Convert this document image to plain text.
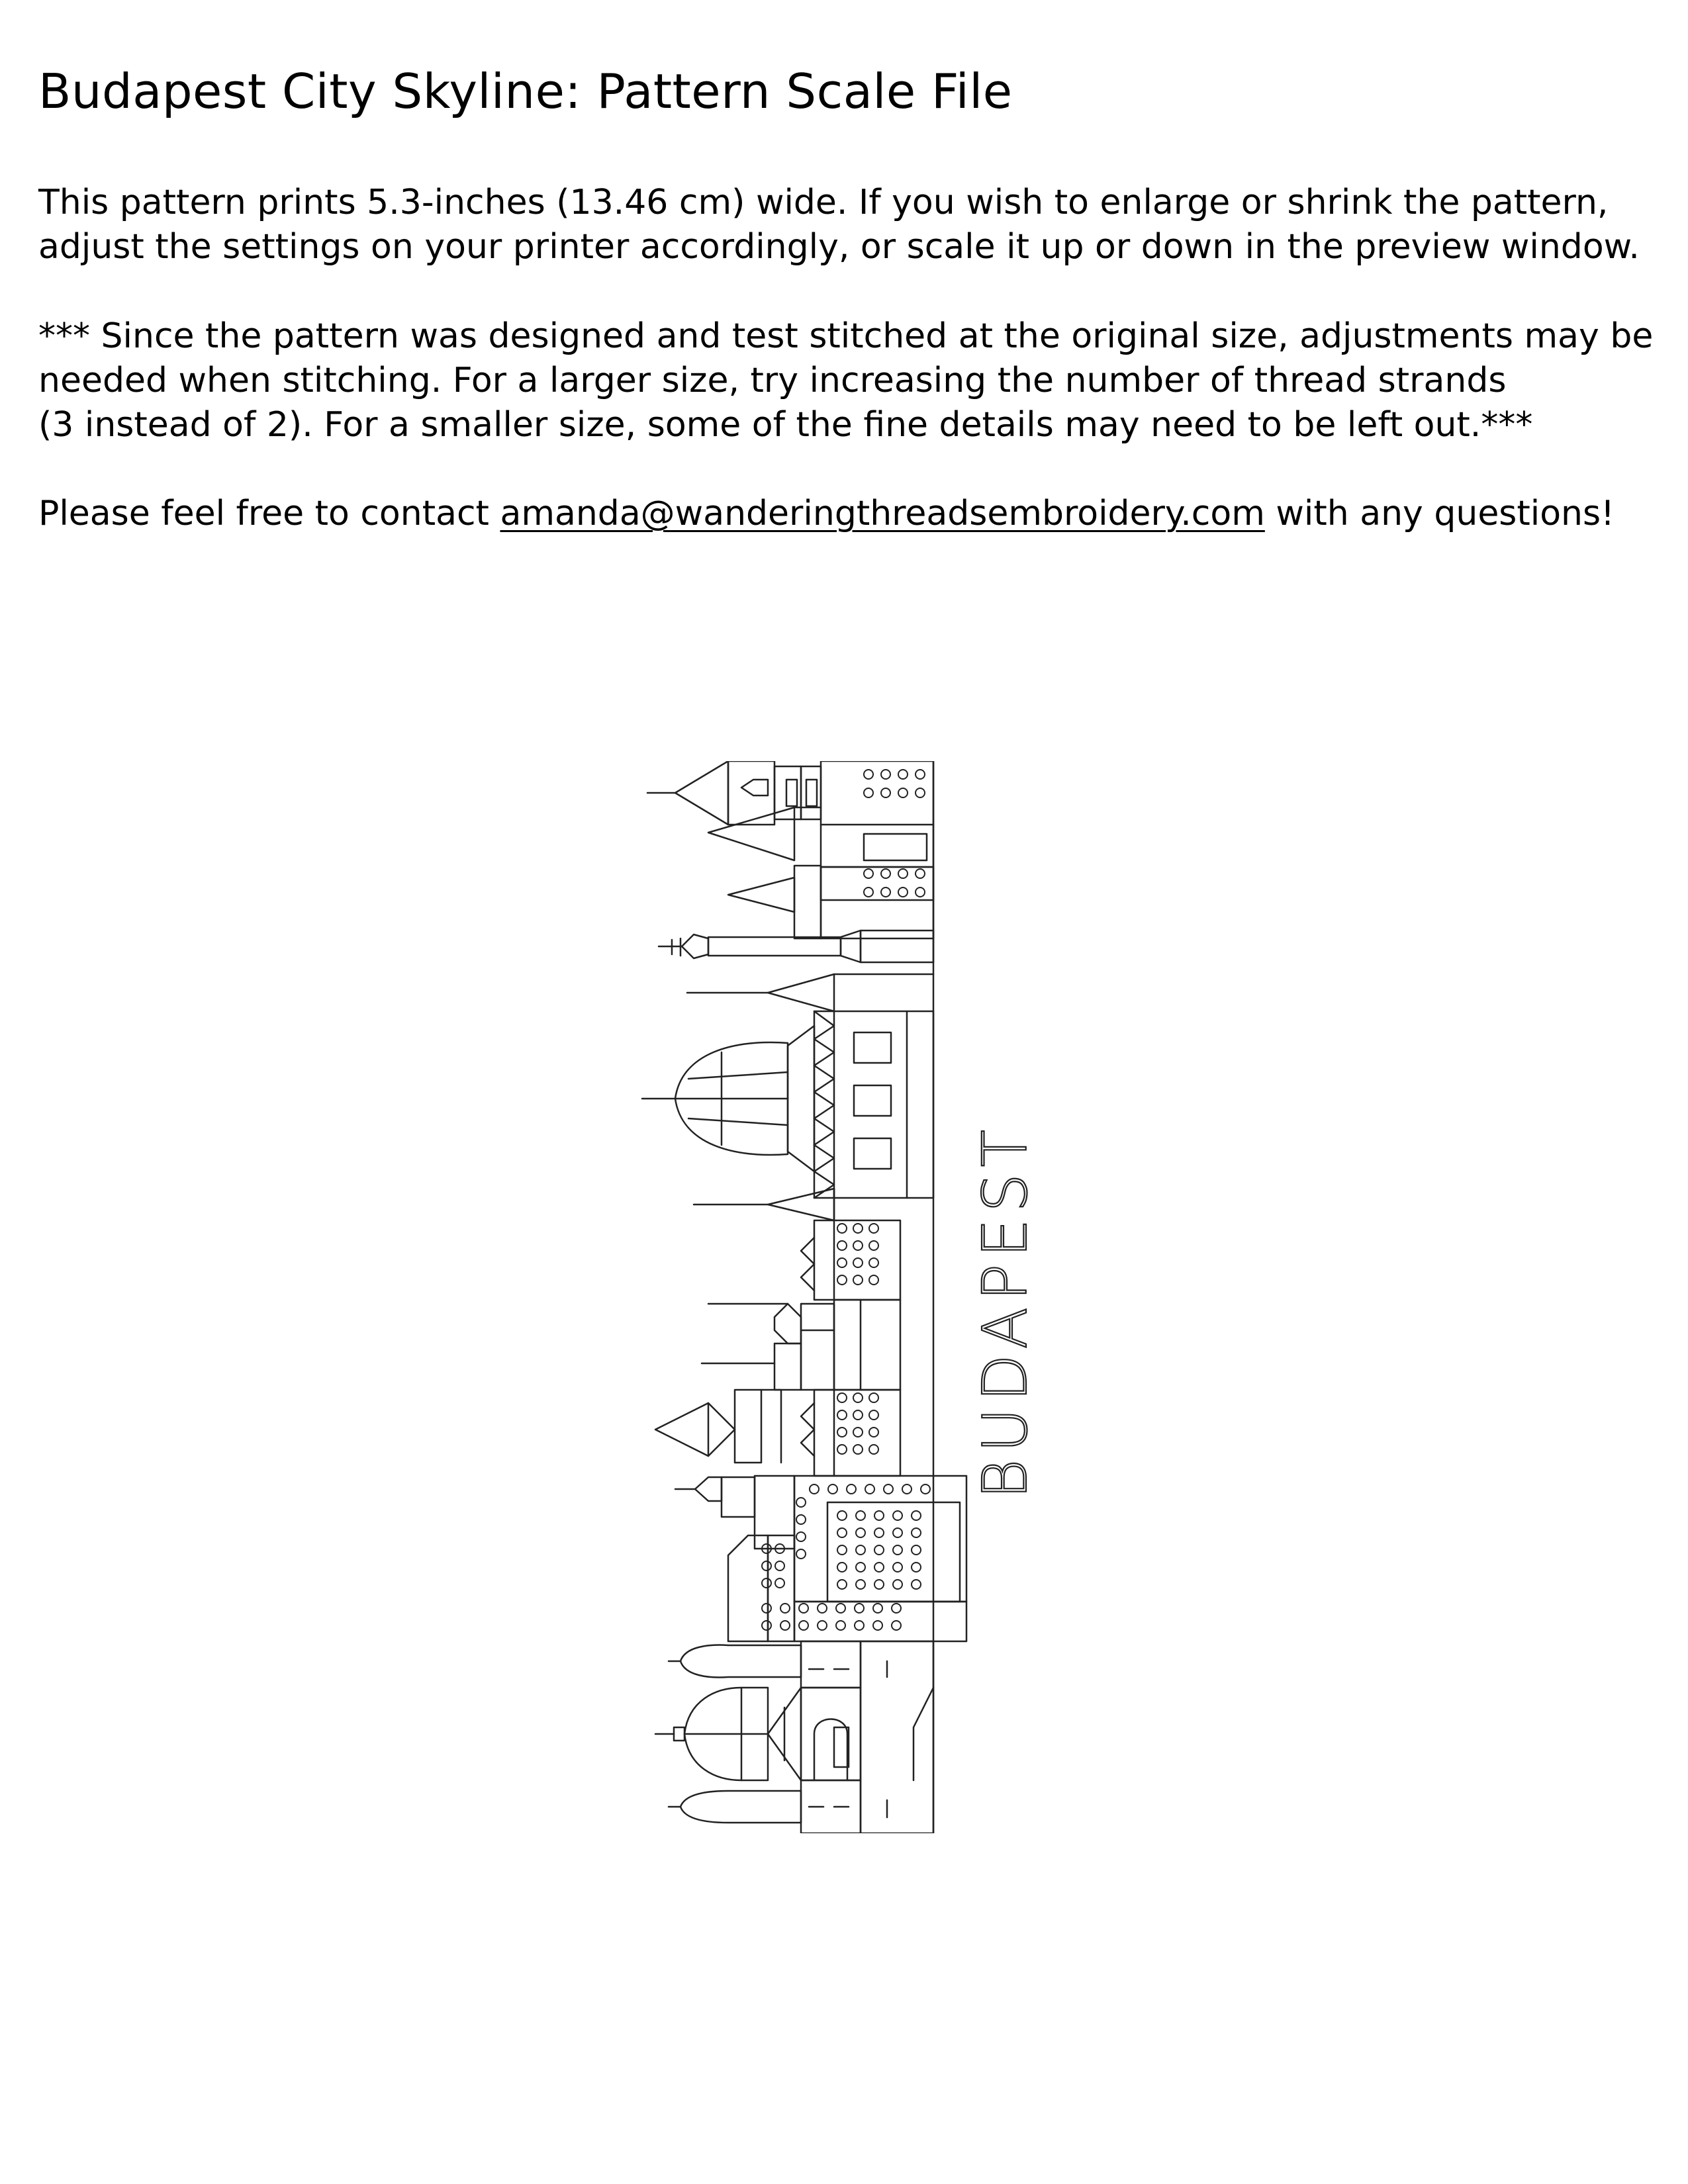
Budapest City Skyline: Pattern Scale File

This pattern prints 5.3-inches (13.46 cm) wide. If you wish to enlarge or shrink the pattern,
adjust the settings on your printer accordingly, or scale it up or down in the preview window.

*** Since the pattern was designed and test stitched at the original size, adjustments may be
needed when stitching. For a larger size, try increasing the number of thread strands
(3 instead of 2). For a smaller size, some of the fine details may need to be left out.***

Please feel free to contact amanda@wanderingthreadsembroidery.com with any questions!

BUDAPEST
